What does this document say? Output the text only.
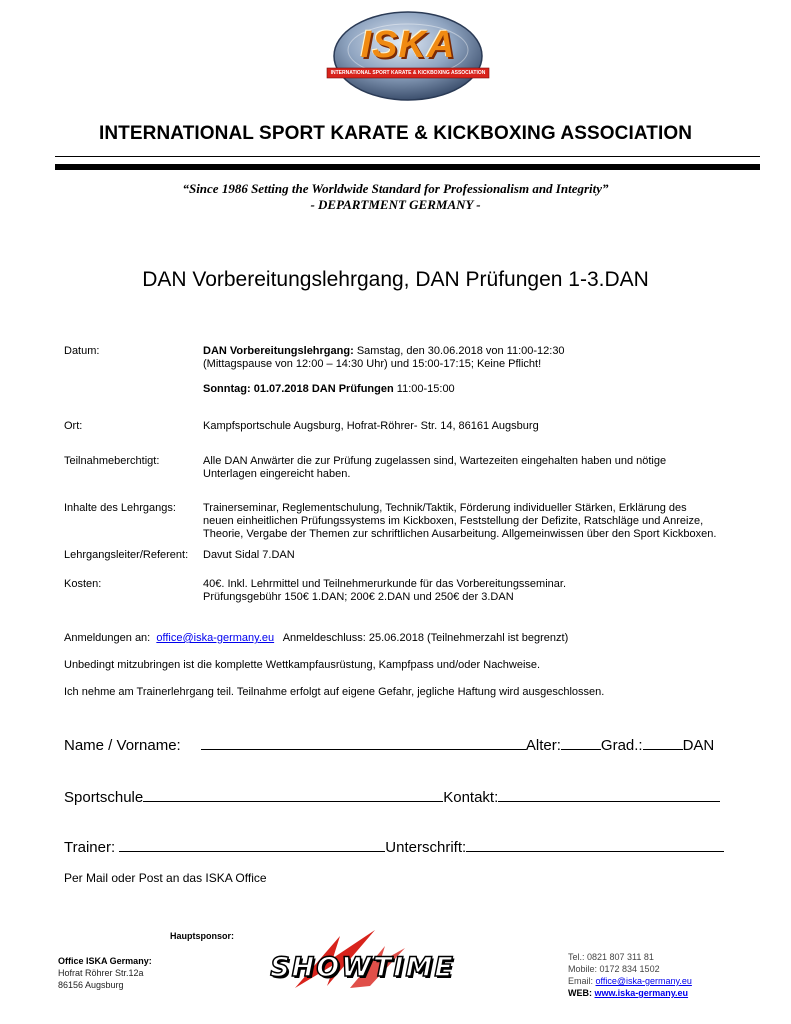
ISKA
INTERNATIONAL SPORT KARATE & KICKBOXING ASSOCIATION
INTERNATIONAL SPORT KARATE & KICKBOXING ASSOCIATION
“Since 1986 Setting the Worldwide Standard for Professionalism and Integrity”
- DEPARTMENT GERMANY -
DAN Vorbereitungslehrgang, DAN Prüfungen 1-3.DAN
Datum:	DAN Vorbereitungslehrgang: Samstag, den 30.06.2018 von 11:00-12:30
(Mittagspause von 12:00 – 14:30 Uhr) und 15:00-17:15; Keine Pflicht!
Sonntag: 01.07.2018 DAN Prüfungen 11:00-15:00
Ort:	Kampfsportschule Augsburg, Hofrat-Röhrer- Str. 14, 86161 Augsburg
Teilnahmeberchtigt:	Alle DAN Anwärter die zur Prüfung zugelassen sind, Wartezeiten eingehalten haben und nötige
Unterlagen eingereicht haben.
Inhalte des Lehrgangs: Trainerseminar, Reglementschulung, Technik/Taktik, Förderung individueller Stärken, Erklärung des
neuen einheitlichen Prüfungssystems im Kickboxen, Feststellung der Defizite, Ratschläge und Anreize,
Theorie, Vergabe der Themen zur schriftlichen Ausarbeitung. Allgemeinwissen über den Sport Kickboxen.
Lehrgangsleiter/Referent: Davut Sidal 7.DAN
Kosten:	40€. Inkl. Lehrmittel und Teilnehmerurkunde für das Vorbereitungsseminar.
Prüfungsgebühr 150€ 1.DAN; 200€ 2.DAN und 250€ der 3.DAN
Anmeldungen an: office@iska-germany.eu Anmeldeschluss: 25.06.2018 (Teilnehmerzahl ist begrenzt)
Unbedingt mitzubringen ist die komplette Wettkampfausrüstung, Kampfpass und/oder Nachweise.
Ich nehme am Trainerlehrgang teil. Teilnahme erfolgt auf eigene Gefahr, jegliche Haftung wird ausgeschlossen.
Name / Vorname:	Alter:	Grad.:	DAN
Sportschule	Kontakt:
Trainer:	Unterschrift:
Per Mail oder Post an das ISKA Office
Hauptsponsor:
SHOWTIME
Office ISKA Germany:
Hofrat Röhrer Str.12a
86156 Augsburg
Tel.: 0821 807 311 81
Mobile: 0172 834 1502
Email: office@iska-germany.eu
WEB: www.iska-germany.eu
